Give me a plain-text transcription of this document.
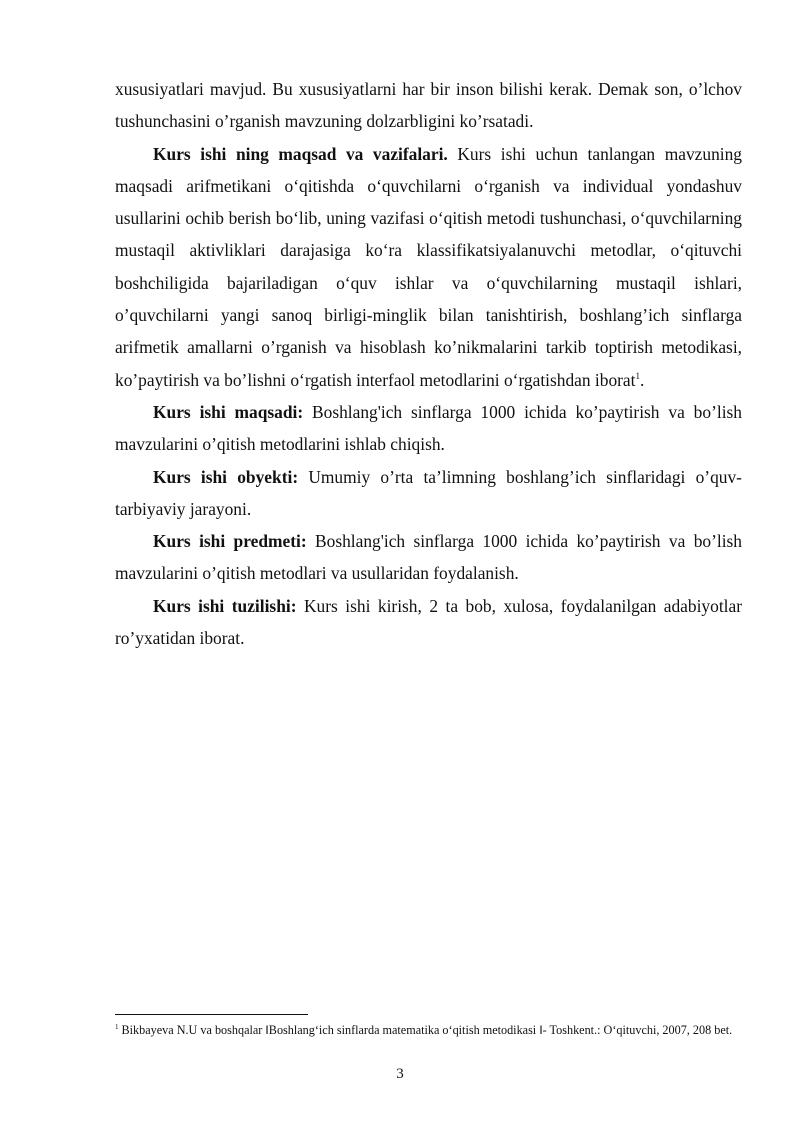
xususiyatlari mavjud. Bu xususiyatlarni har bir inson bilishi kerak. Demak son, o’lchov tushunchasini o’rganish mavzuning dolzarbligini ko’rsatadi.

Kurs ishi ning maqsad va vazifalari. Kurs ishi uchun tanlangan mavzuning maqsadi arifmetikani o‘qitishda o‘quvchilarni o‘rganish va individual yondashuv usullarini ochib berish bo‘lib, uning vazifasi o‘qitish metodi tushunchasi, o‘quvchilarning mustaqil aktivliklari darajasiga ko‘ra klassifikatsiyalanuvchi metodlar, o‘qituvchi boshchiligida bajariladigan o‘quv ishlar va o‘quvchilarning mustaqil ishlari, o’quvchilarni yangi sanoq birligi-minglik bilan tanishtirish, boshlang’ich sinflarga arifmetik amallarni o’rganish va hisoblash ko’nikmalarini tarkib toptirish metodikasi, ko’paytirish va bo’lishni o‘rgatish interfaol metodlarini o‘rgatishdan iborat$^1$.

Kurs ishi maqsadi: Boshlang'ich sinflarga 1000 ichida ko’paytirish va bo’lish mavzularini o’qitish metodlarini ishlab chiqish.

Kurs ishi obyekti: Umumiy o’rta ta’limning boshlang’ich sinflaridagi o’quv-tarbiyaviy jarayoni.

Kurs ishi predmeti: Boshlang'ich sinflarga 1000 ichida ko’paytirish va bo’lish mavzularini o’qitish metodlari va usullaridan foydalanish.

Kurs ishi tuzilishi: Kurs ishi kirish, 2 ta bob, xulosa, foydalanilgan adabiyotlar ro’yxatidan iborat.

$^1$ Bikbayeva N.U va boshqalar ‖Boshlang‘ich sinflarda matematika o‘qitish metodikasi ‖- Toshkent.: O‘qituvchi, 2007, 208 bet.
3
